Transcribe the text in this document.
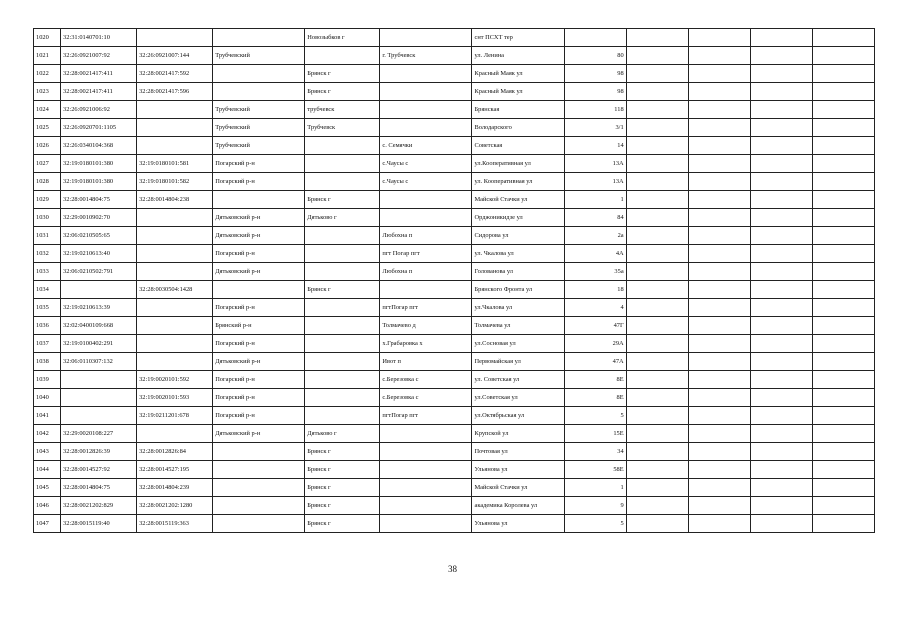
1020	32:31:0140701:10			Новозыбков г		снт ПСХТ тер					
1021	32:26:0921007:92	32:26:0921007:144	Трубчевский		г. Трубчевск	ул. Ленина	80				
1022	32:28:0021417:411	32:28:0021417:592		Брянск г		Красный Маяк ул	98				
1023	32:28:0021417:411	32:28:0021417:596		Брянск г		Красный Маяк ул	98				
1024	32:26:0921006:92		Трубчевский	трубчевск		Брянская	118				
1025	32:26:0920701:1105		Трубчевский	Трубчевск		Володарского	3/1				
1026	32:26:0340104:368		Трубчевский		с. Семячки	Советская	14				
1027	32:19:0180101:380	32:19:0180101:581	Погарский р-н		с.Чаусы с	ул.Кооперативная ул	13А				
1028	32:19:0180101:380	32:19:0180101:582	Погарский р-н		с.Чаусы с	ул. Кооперативная ул	13А				
1029	32:28:0014804:75	32:28:0014804:238		Брянск г		Майской Стачки ул	1				
1030	32:29:0010902:70		Дятьковский р-н	Дятьково г		Орджоникидзе ул	84				
1031	32:06:0210505:65		Дятьковский р-н		Любохна п	Сидорова ул	2а				
1032	32:19:0210613:40		Погарский р-н		пгт Погар пгт	ул. Чкалова ул	4А				
1033	32:06:0210502:791		Дятьковский р-н		Любохна п	Голованова ул	35а				
1034		32:28:0030504:1428		Брянск г		Брянского Фронта ул	18				
1035	32:19:0210613:39		Погарский р-н		пгтПогар пгт	ул.Чкалова ул	4				
1036	32:02:0400109:668		Брянский р-н		Толмачево д	Толмачева ул	47Г				
1037	32:19:0100402:291		Погарский р-н		х.Грабаровка х	ул.Сосновая ул	29А				
1038	32:06:0110307:132		Дятьковский р-н		Ивот п	Первомайская ул	47А				
1039		32:19:0020101:592	Погарский р-н		с.Березовка с	ул. Советская ул	8Е				
1040		32:19:0020101:593	Погарский р-н		с.Березовка с	ул.Советская ул	8Е				
1041		32:19:0211201:678	Погарский р-н		пгтПогар пгт	ул.Октябрьская ул	5				
1042	32:29:0020108:227		Дятьковский р-н	Дятьково г		Крупской ул	15Е				
1043	32:28:0012826:39	32:28:0012826:84		Брянск г		Почтовая ул	34				
1044	32:28:0014527:92	32:28:0014527:195		Брянск г		Ульянова ул	58Е				
1045	32:28:0014804:75	32:28:0014804:239		Брянск г		Майской Стачки ул	1				
1046	32:28:0021202:829	32:28:0021202:1280		Брянск г		академика Королева ул	9				
1047	32:28:0015119:40	32:28:0015119:363		Брянск г		Ульянова ул	5				
38
